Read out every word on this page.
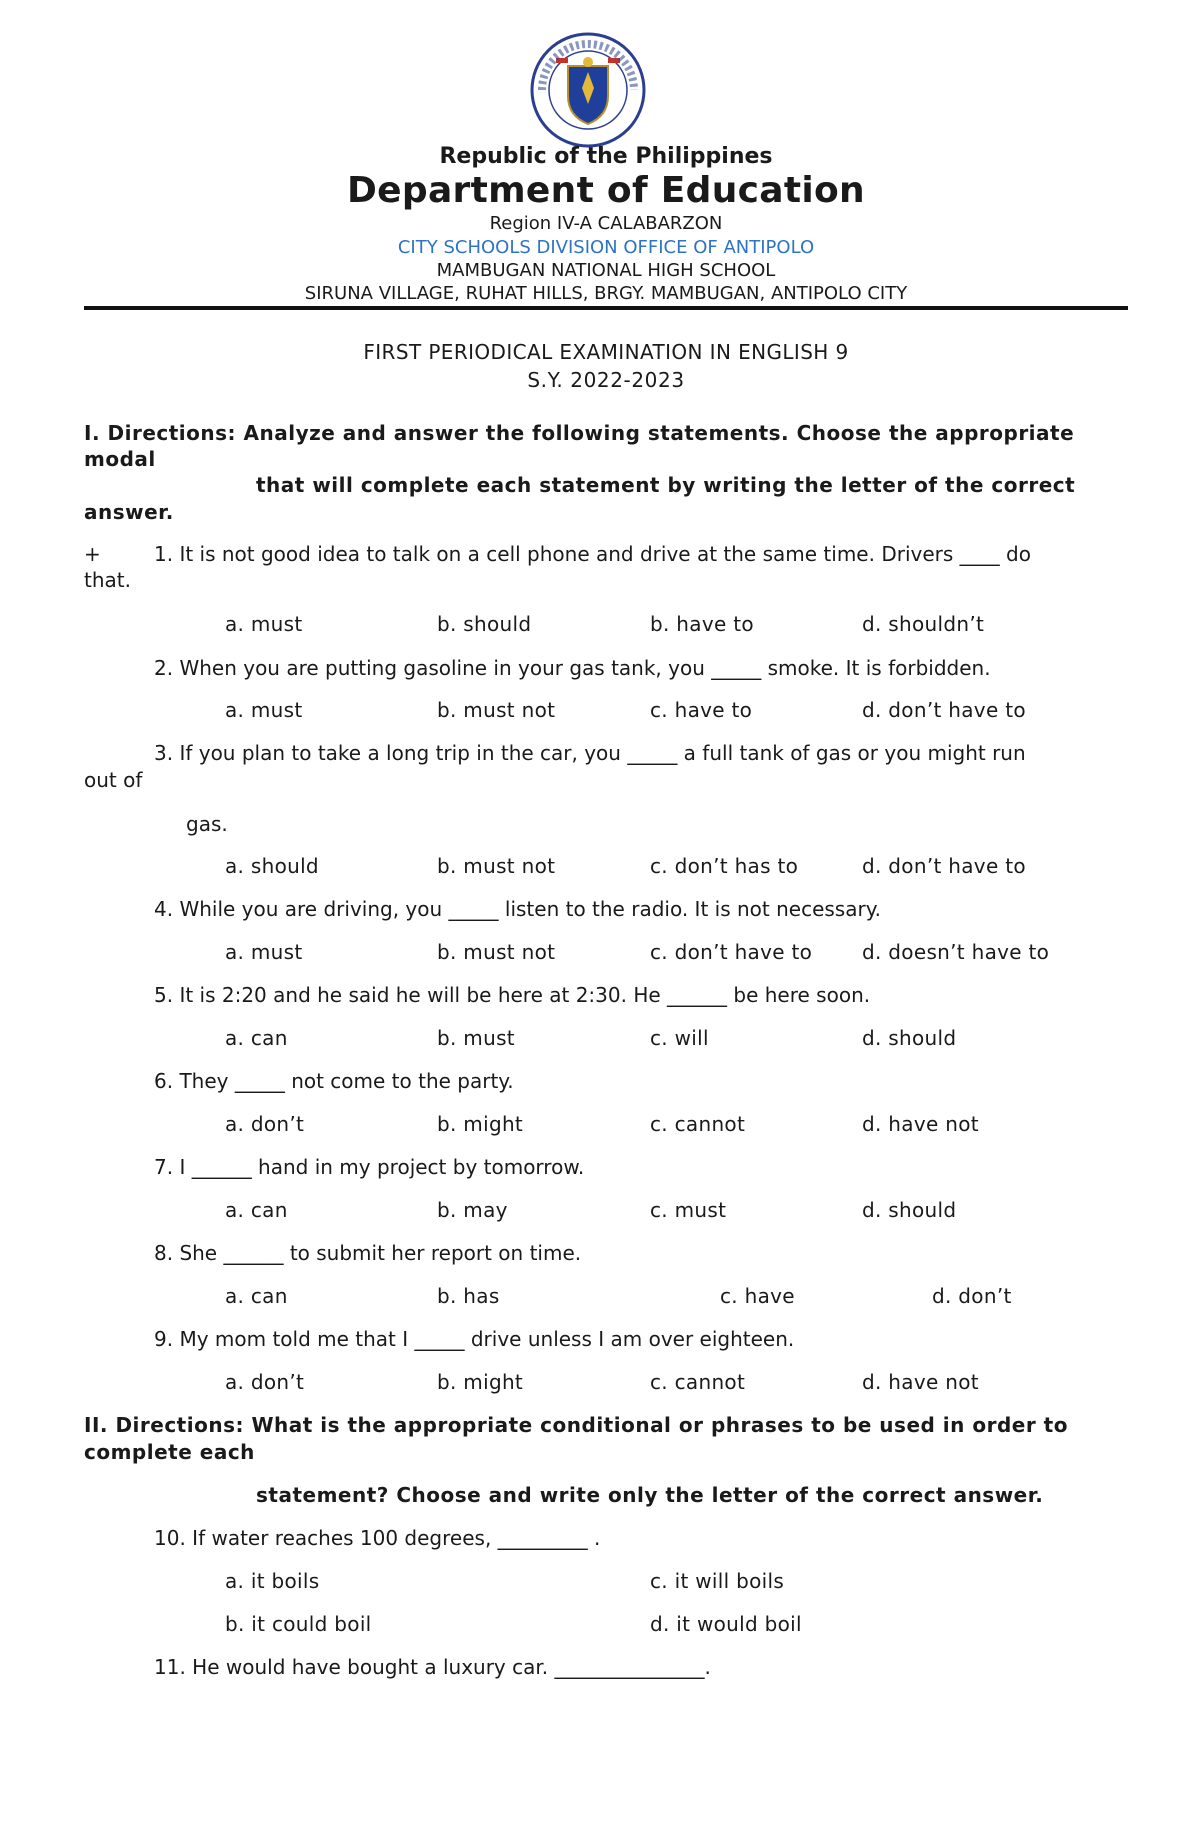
Republic of the Philippines
Department of Education
Region IV-A CALABARZON
CITY SCHOOLS DIVISION OFFICE OF ANTIPOLO
MAMBUGAN NATIONAL HIGH SCHOOL
SIRUNA VILLAGE, RUHAT HILLS, BRGY. MAMBUGAN, ANTIPOLO CITY
FIRST PERIODICAL EXAMINATION IN ENGLISH 9
S.Y. 2022-2023
I. Directions: Analyze and answer the following statements. Choose the appropriate
modal
that will complete each statement by writing the letter of the correct
answer.
+	1. It is not good idea to talk on a cell phone and drive at the same time. Drivers ____ do
that.
a. must	b. should	b. have to	d. shouldn’t
2. When you are putting gasoline in your gas tank, you _____ smoke. It is forbidden.
a. must	b. must not	c. have to	d. don’t have to
3. If you plan to take a long trip in the car, you _____ a full tank of gas or you might run
out of
gas.
a. should	b. must not	c. don’t has to	d. don’t have to
4. While you are driving, you _____ listen to the radio. It is not necessary.
a. must	b. must not	c. don’t have to d. doesn’t have to
5. It is 2:20 and he said he will be here at 2:30. He ______ be here soon.
a. can	b. must	c. will	d. should
6. They _____ not come to the party.
a. don’t	b. might	c. cannot	d. have not
7. I ______ hand in my project by tomorrow.
a. can	b. may	c. must	d. should
8. She ______ to submit her report on time.
a. can	b. has	c. have	d. don’t
9. My mom told me that I _____ drive unless I am over eighteen.
a. don’t	b. might	c. cannot	d. have not
II. Directions: What is the appropriate conditional or phrases to be used in order to
complete each
statement? Choose and write only the letter of the correct answer.
10. If water reaches 100 degrees, _________ .
a. it boils	c. it will boils
b. it could boil	d. it would boil
11. He would have bought a luxury car. _______________.
